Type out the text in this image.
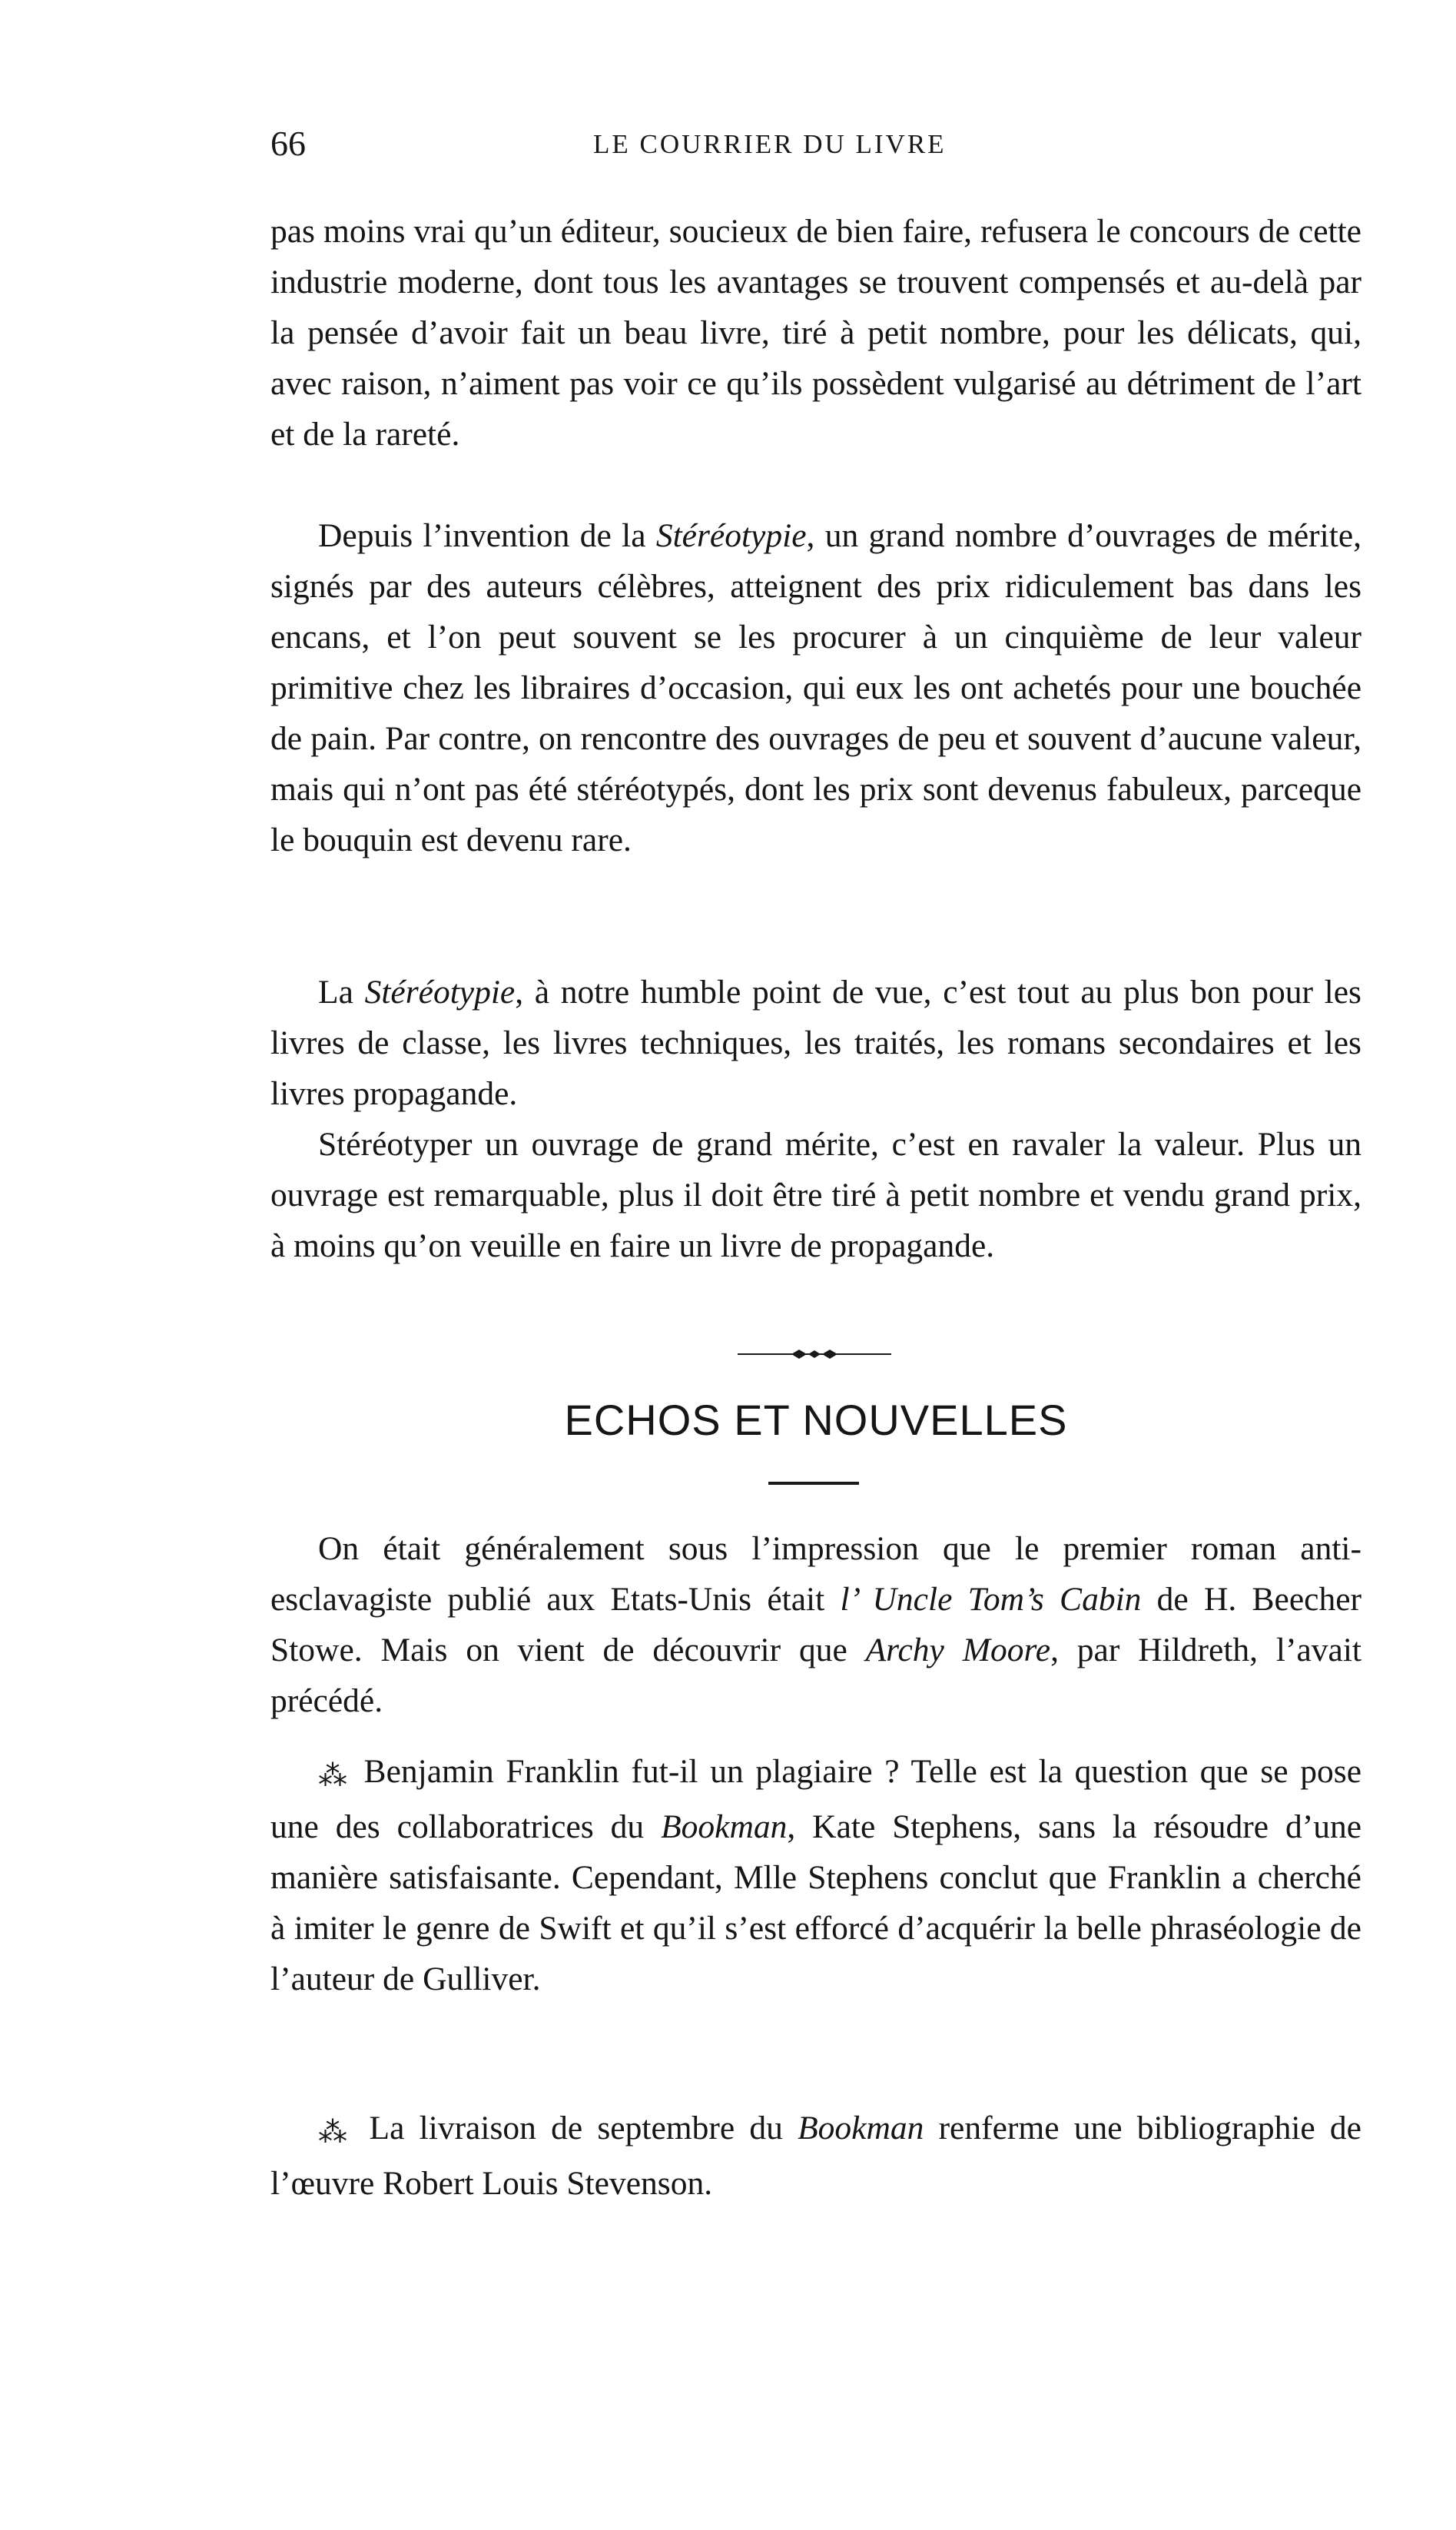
66	LE COURRIER DU LIVRE

pas moins vrai qu’un éditeur, soucieux de bien faire, refusera le concours de cette industrie moderne, dont tous les avantages se trouvent compensés et au-delà par la pensée d’avoir fait un beau livre, tiré à petit nombre, pour les délicats, qui, avec raison, n’aiment pas voir ce qu’ils possèdent vulgarisé au détriment de l’art et de la rareté.

Depuis l’invention de la Stéréotypie, un grand nombre d’ouvrages de mérite, signés par des auteurs célèbres, atteignent des prix ridiculement bas dans les encans, et l’on peut souvent se les procurer à un cinquième de leur valeur primitive chez les libraires d’occasion, qui eux les ont achetés pour une bouchée de pain. Par contre, on rencontre des ouvrages de peu et souvent d’aucune valeur, mais qui n’ont pas été stéréotypés, dont les prix sont devenus fabuleux, parceque le bouquin est devenu rare.

La Stéréotypie, à notre humble point de vue, c’est tout au plus bon pour les livres de classe, les livres techniques, les traités, les romans secondaires et les livres propagande.

Stéréotyper un ouvrage de grand mérite, c’est en ravaler la valeur. Plus un ouvrage est remarquable, plus il doit être tiré à petit nombre et vendu grand prix, à moins qu’on veuille en faire un livre de propagande.

ECHOS ET NOUVELLES

On était généralement sous l’impression que le premier roman anti-esclavagiste publié aux Etats-Unis était l’ Uncle Tom’s Cabin de H. Beecher Stowe. Mais on vient de découvrir que Archy Moore, par Hildreth, l’avait précédé.

⁂ Benjamin Franklin fut-il un plagiaire ? Telle est la question que se pose une des collaboratrices du Bookman, Kate Stephens, sans la résoudre d’une manière satisfaisante. Cependant, Mlle Stephens conclut que Franklin a cherché à imiter le genre de Swift et qu’il s’est efforcé d’acquérir la belle phraséologie de l’auteur de Gulliver.

⁂ La livraison de septembre du Bookman renferme une bibliographie de l’œuvre Robert Louis Stevenson.
